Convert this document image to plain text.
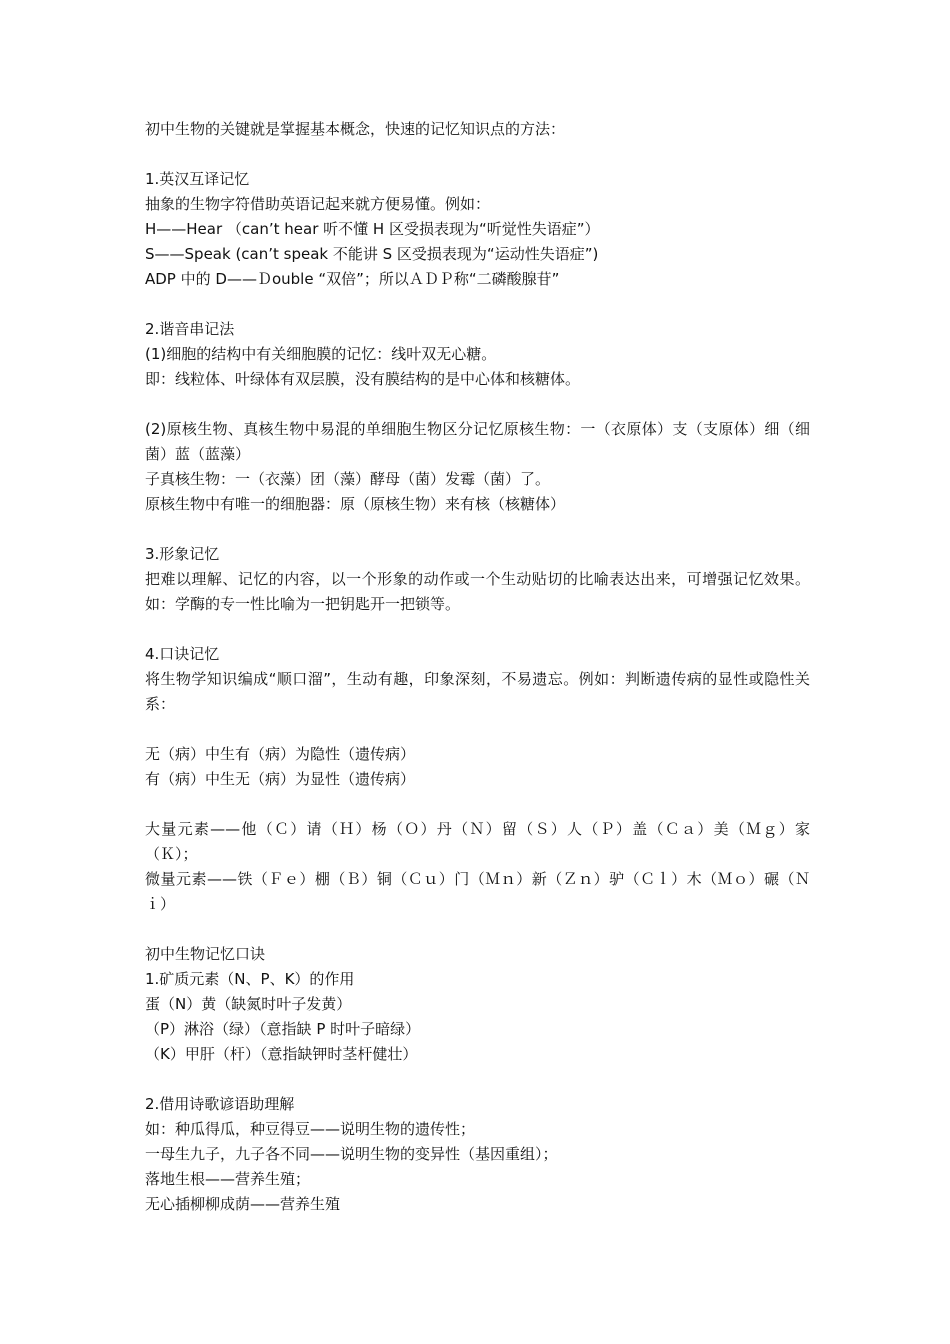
初中生物的关键就是掌握基本概念，快速的记忆知识点的方法：
1.英汉互译记忆
抽象的生物字符借助英语记起来就方便易懂。例如：
H——Hear （can’t hear 听不懂 H 区受损表现为“听觉性失语症”）
S——Speak (can’t speak 不能讲 S 区受损表现为“运动性失语症”)
ADP 中的 D——Ｄouble “双倍”；所以ＡＤＰ称“二磷酸腺苷”
2.谐音串记法
(1)细胞的结构中有关细胞膜的记忆：线叶双无心糖。
即：线粒体、叶绿体有双层膜，没有膜结构的是中心体和核糖体。
(2)原核生物、真核生物中易混的单细胞生物区分记忆原核生物：一（衣原体）支（支原体）细（细菌）蓝（蓝藻）
子真核生物：一（衣藻）团（藻）酵母（菌）发霉（菌）了。
原核生物中有唯一的细胞器：原（原核生物）来有核（核糖体）
3.形象记忆
把难以理解、记忆的内容，以一个形象的动作或一个生动贴切的比喻表达出来，可增强记忆效果。如：学酶的专一性比喻为一把钥匙开一把锁等。
4.口诀记忆
将生物学知识编成“顺口溜”，生动有趣，印象深刻，不易遗忘。例如：判断遗传病的显性或隐性关系：
无（病）中生有（病）为隐性（遗传病）
有（病）中生无（病）为显性（遗传病）
大量元素——他（Ｃ）请（Ｈ）杨（Ｏ）丹（Ｎ）留（Ｓ）人（Ｐ）盖（Ｃａ）美（Ｍｇ）家（Ｋ）；
微量元素——铁（Ｆｅ）棚（Ｂ）铜（Ｃｕ）门（Ｍｎ）新（Ｚｎ）驴（Ｃｌ）木（Ｍｏ）碾（Ｎｉ）
初中生物记忆口诀
1.矿质元素（N、P、K）的作用
蛋（N）黄（缺氮时叶子发黄）
（P）淋浴（绿）（意指缺 P 时叶子暗绿）
（K）甲肝（杆）（意指缺钾时茎杆健壮）
2.借用诗歌谚语助理解
如：种瓜得瓜，种豆得豆——说明生物的遗传性；
一母生九子，九子各不同——说明生物的变异性（基因重组）；
落地生根——营养生殖；
无心插柳柳成荫——营养生殖
